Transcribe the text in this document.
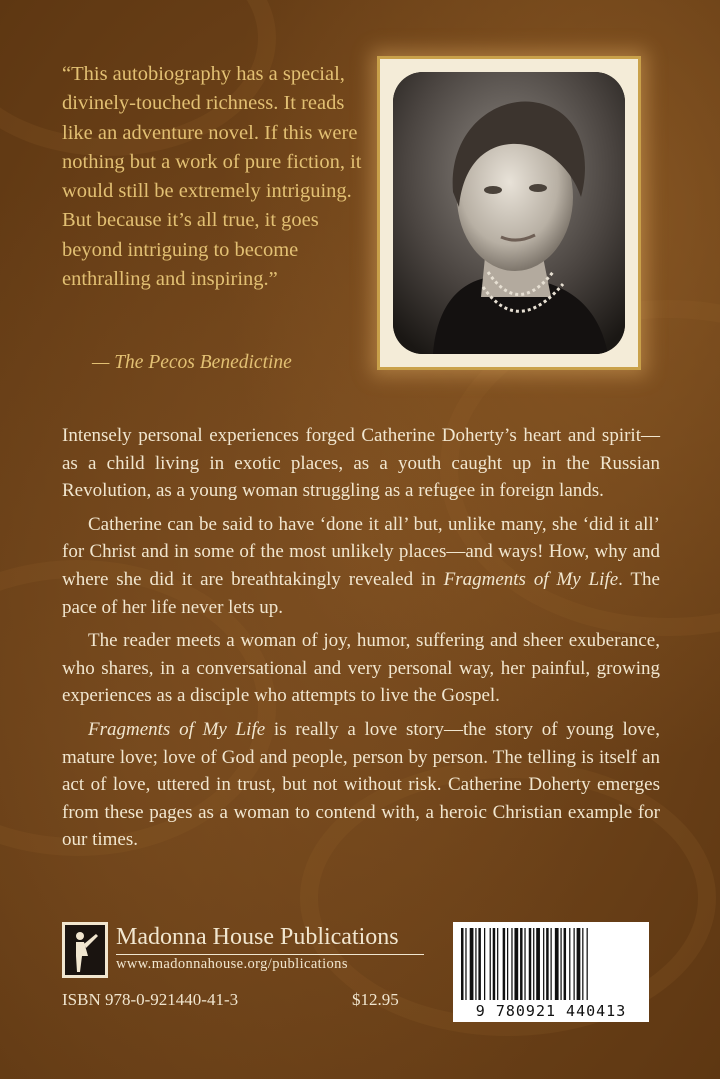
“This autobiography has a special, divinely-touched richness. It reads like an adventure novel. If this were nothing but a work of pure fiction, it would still be extremely intriguing. But because it’s all true, it goes beyond intriguing to become enthralling and inspiring.”

— The Pecos Benedictine

Intensely personal experiences forged Catherine Doherty’s heart and spirit—as a child living in exotic places, as a youth caught up in the Russian Revolution, as a young woman struggling as a refugee in foreign lands.

Catherine can be said to have ‘done it all’ but, unlike many, she ‘did it all’ for Christ and in some of the most unlikely places—and ways! How, why and where she did it are breathtakingly revealed in Fragments of My Life. The pace of her life never lets up.

The reader meets a woman of joy, humor, suffering and sheer exuberance, who shares, in a conversational and very personal way, her painful, growing experiences as a disciple who attempts to live the Gospel.

Fragments of My Life is really a love story—the story of young love, mature love; love of God and people, person by person. The telling is itself an act of love, uttered in trust, but not without risk. Catherine Doherty emerges from these pages as a woman to contend with, a heroic Christian example for our times.

Madonna House Publications
www.madonnahouse.org/publications
ISBN 978-0-921440-41-3	$12.95
9 780921 440413
